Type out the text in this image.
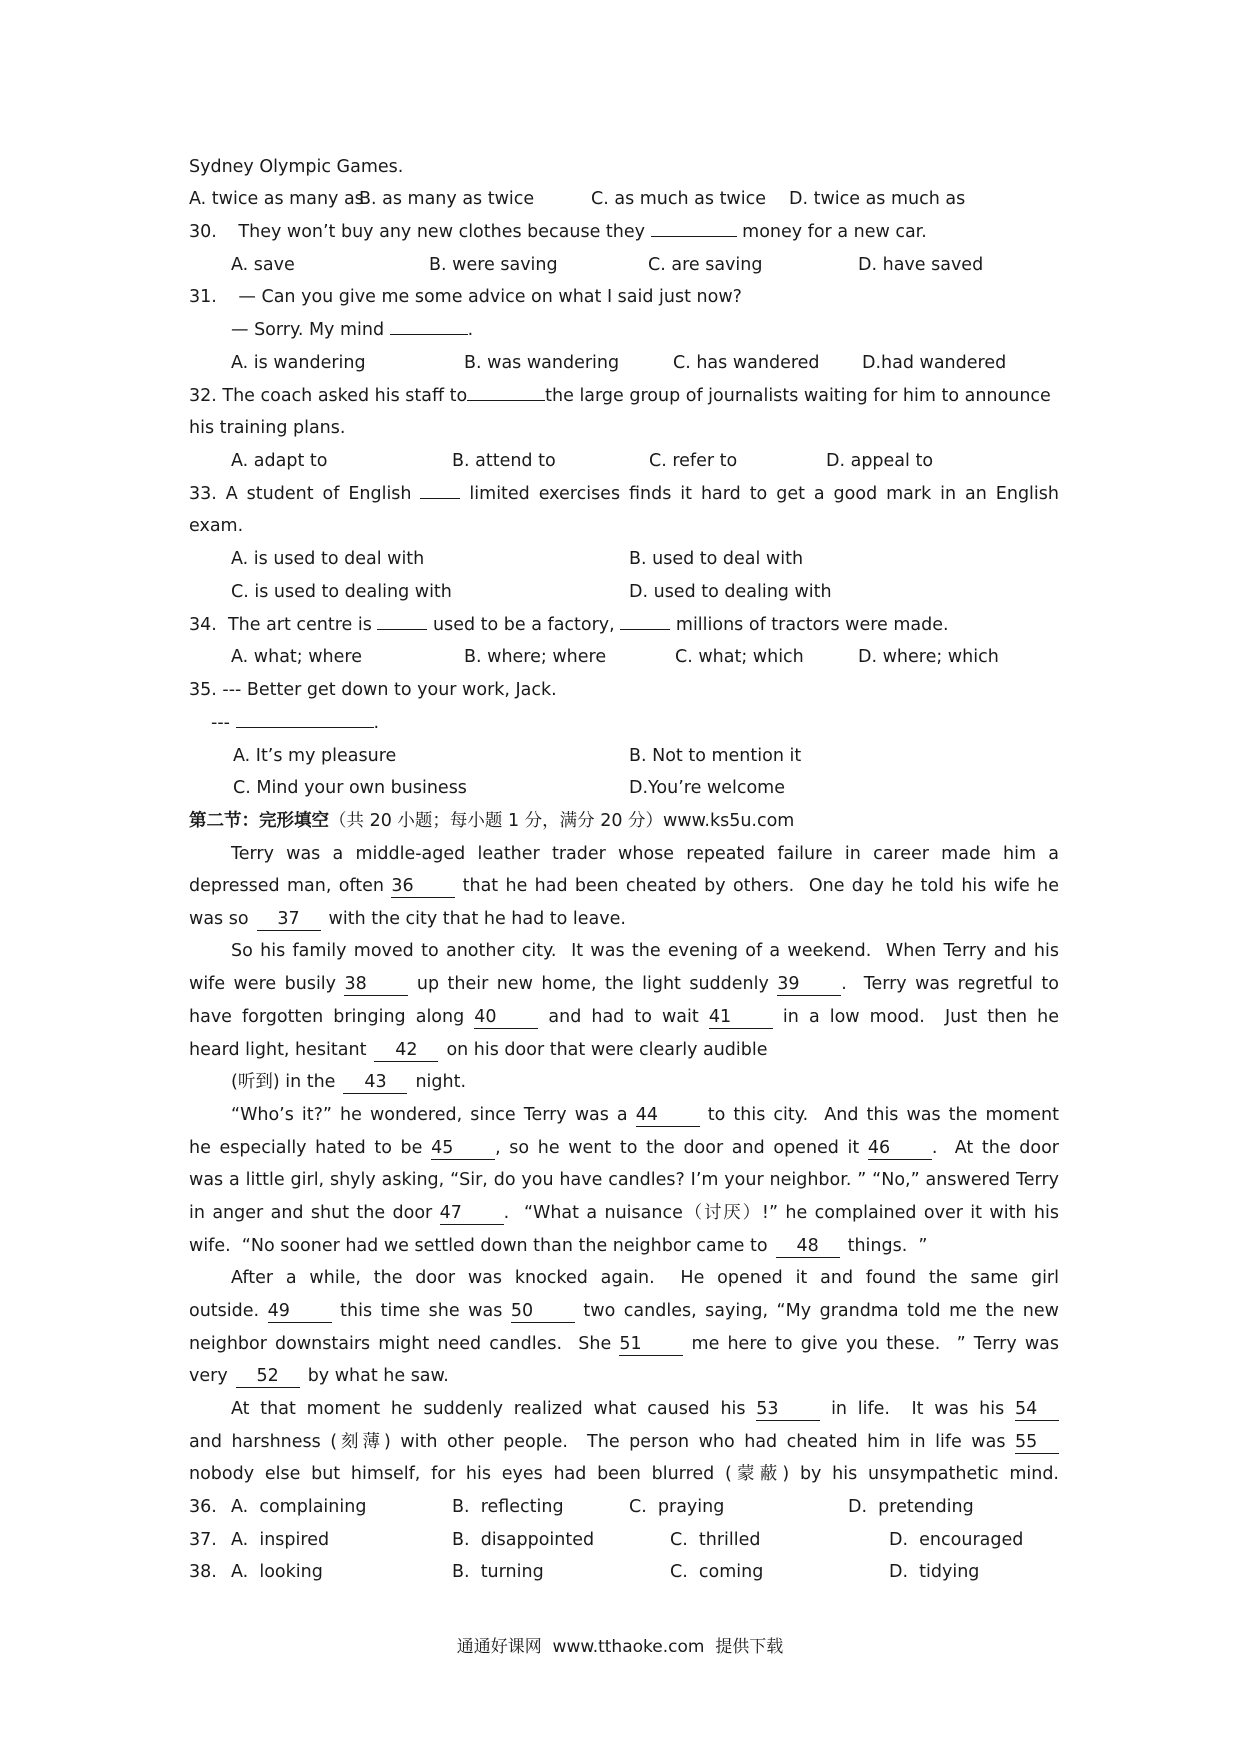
Sydney Olympic Games.
A. twice as many as
B. as many as twice	C. as much as twice D. twice as much as
30. They won’t buy any new clothes because they	money for a new car.
A. save	B. were saving	C. are saving	D. have saved
31. — Can you give me some advice on what I said just now?
— Sorry. My mind	.
A. is wandering	B. was wandering	C. has wandered D.had wandered
32. The coach asked his staff to	the large group of journalists waiting for him to announce
his training plans.
A. adapt to	B. attend to	C. refer to	D. appeal to
33. A student of English	limited exercises finds it hard to get a good mark in an English
exam.
A. is used to deal with	B. used to deal with
C. is used to dealing with	D. used to dealing with
34.  The art centre is	used to be a factory,	millions of tractors were made.
A. what; where	B. where; where	C. what; which	D. where; which
35. --- Better get down to your work, Jack.
---	.
A. It’s my pleasure	B. Not to mention it
C. Mind your own business	D.You’re welcome
第二节：完形填空（共 20 小题；每小题 1 分，满分 20 分）www.ks5u.com
Terry was a middle-aged leather trader whose repeated failure in career made him a
depressed man, often 36	that he had been cheated by others.  One day he told his wife he
was so 37 with the city that he had to leave.
So his family moved to another city.  It was the evening of a weekend.  When Terry and his
wife were busily 38	up their new home, the light suddenly 39 .  Terry was regretful to
have forgotten bringing along 40	and had to wait 41	in a low mood.  Just then he
heard light, hesitant 42 on his door that were clearly audible
(听到) in the 43 night.
“Who’s it?” he wondered, since Terry was a 44	to this city.  And this was the moment
he especially hated to be 45 , so he went to the door and opened it 46 .  At the door
was a little girl, shyly asking, “Sir, do you have candles? I’m your neighbor. ” “No,” answered Terry
in anger and shut the door 47 .  “What a nuisance（讨厌）!” he complained over it with his
wife.  “No sooner had we settled down than the neighbor came to 48 things.  ”
After a while, the door was knocked again.  He opened it and found the same girl
outside. 49	this time she was 50	two candles, saying, “My grandma told me the new
neighbor downstairs might need candles.  She 51	me here to give you these.  ” Terry was
very 52 by what he saw.
At that moment he suddenly realized what caused his 53	in life.  It was his 54
and harshness (刻薄) with other people.  The person who had cheated him in life was 55
nobody else but himself, for his eyes had been blurred (蒙蔽) by his unsympathetic mind.
36. A.  complaining	B.  reflecting	C.  praying	D.  pretending
37. A.  inspired	B.  disappointed	C.  thrilled	D.  encouraged
38. A.  looking	B.  turning	C.  coming	D.  tidying
通通好课网  www.tthaoke.com  提供下载
